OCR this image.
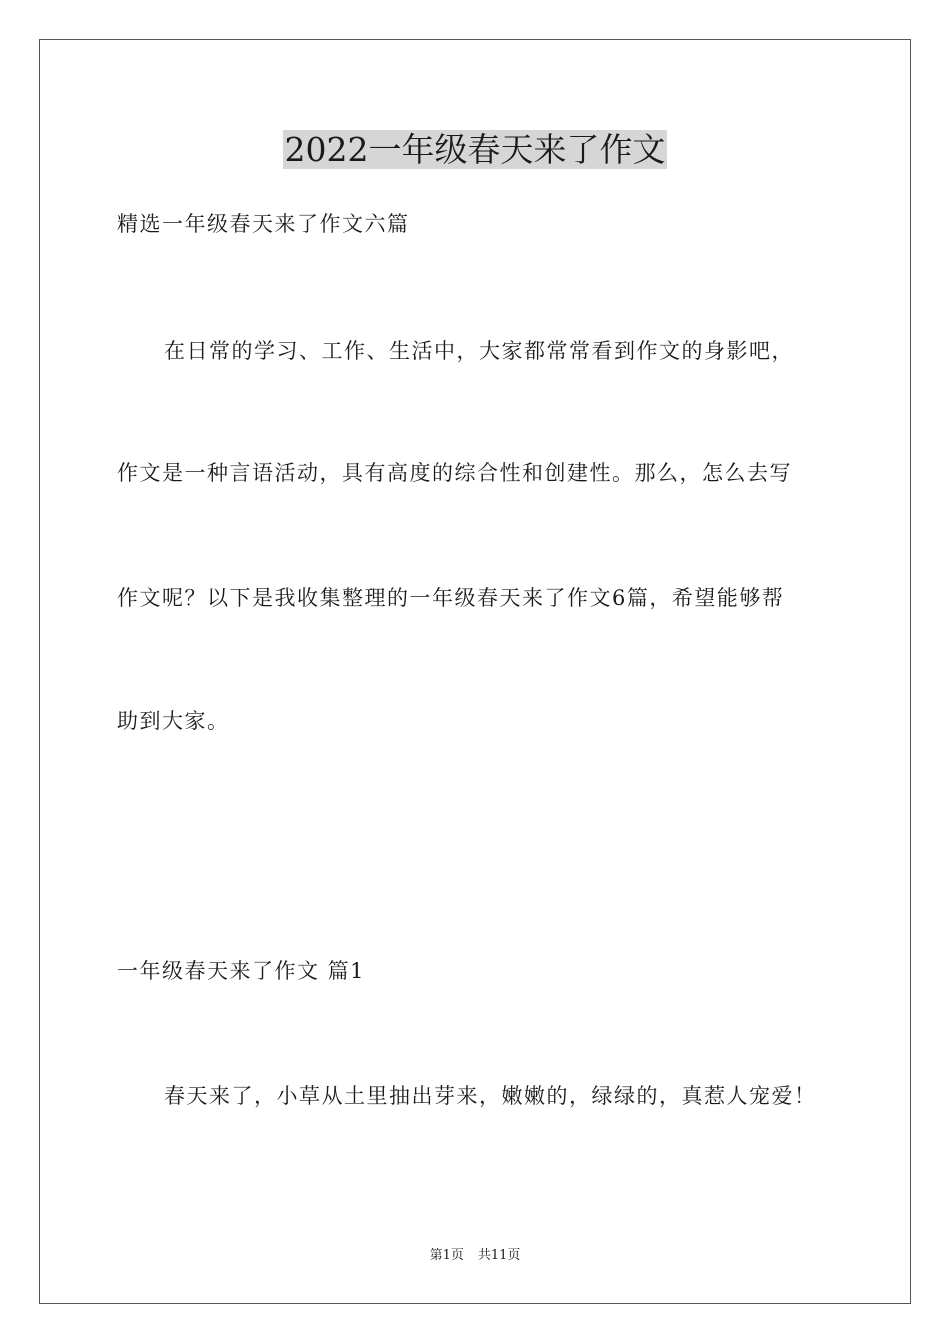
2022一年级春天来了作文
精选一年级春天来了作文六篇
在日常的学习、工作、生活中，大家都常常看到作文的身影吧，
作文是一种言语活动，具有高度的综合性和创建性。那么，怎么去写
作文呢？以下是我收集整理的一年级春天来了作文6篇，希望能够帮
助到大家。
一年级春天来了作文 篇1
春天来了，小草从土里抽出芽来，嫩嫩的，绿绿的，真惹人宠爱！
第1页 共11页
